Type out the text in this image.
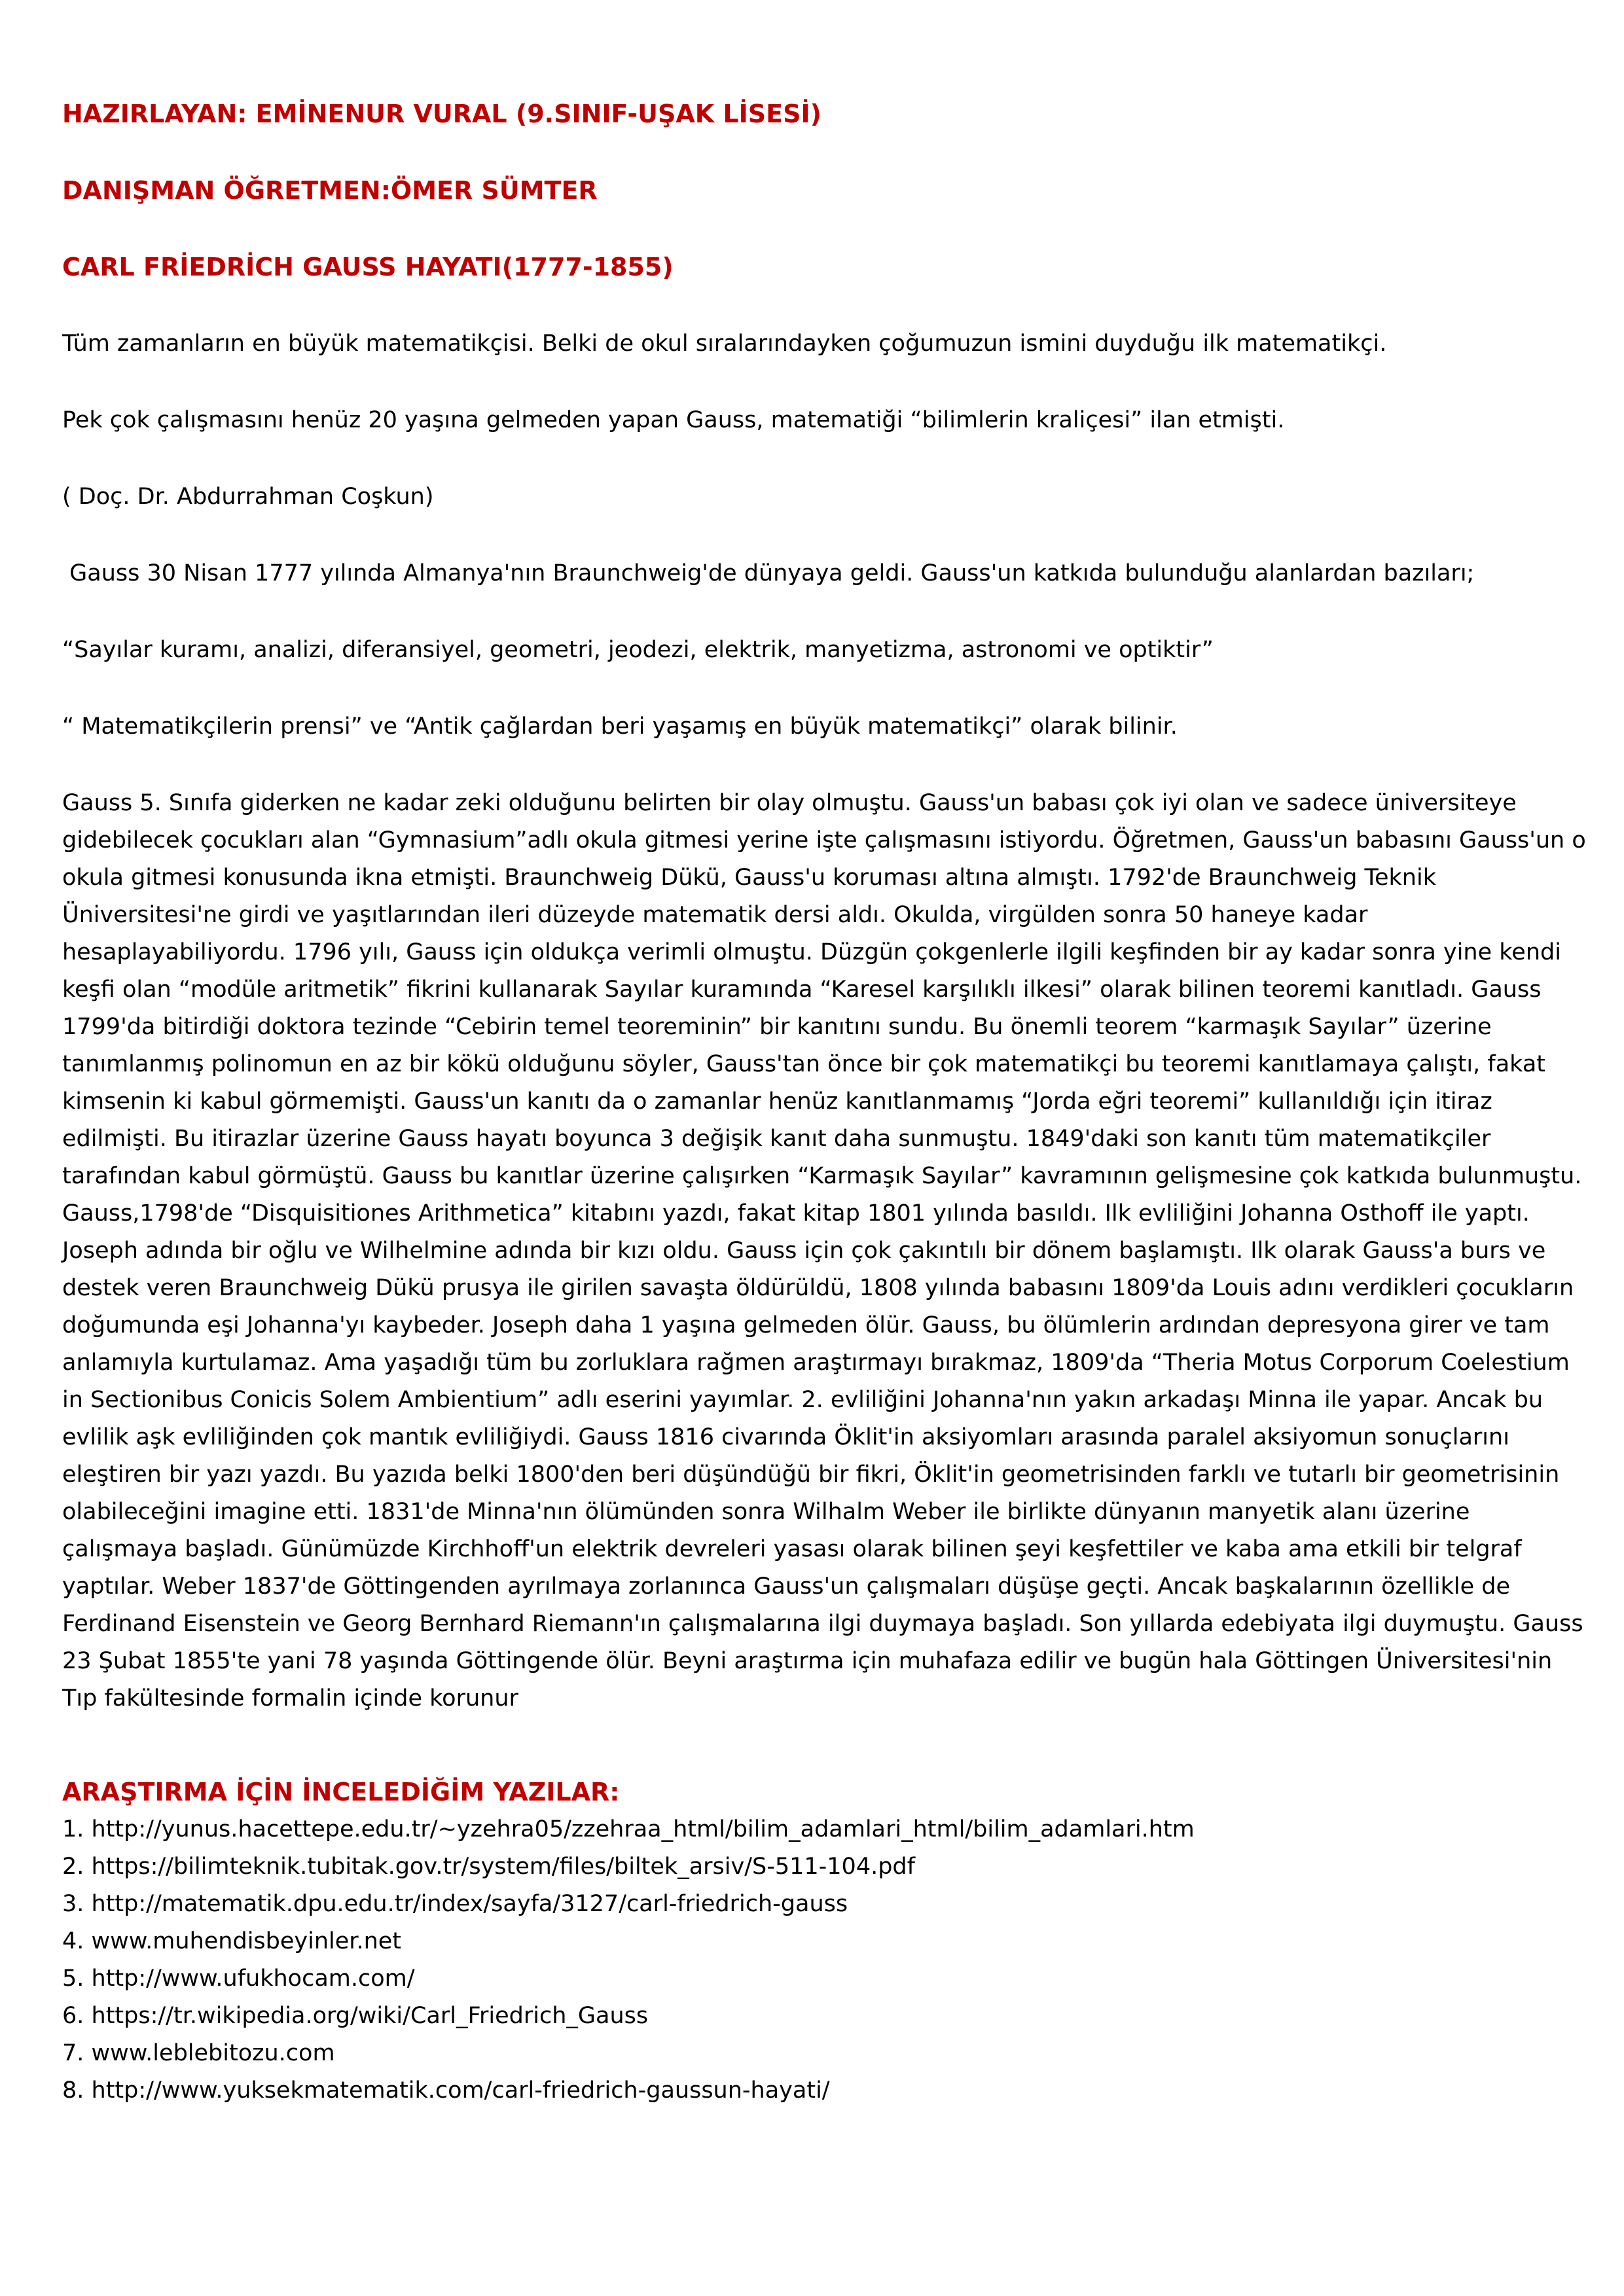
HAZIRLAYAN: EMİNENUR VURAL (9.SINIF-UŞAK LİSESİ)
DANIŞMAN ÖĞRETMEN:ÖMER SÜMTER
CARL FRİEDRİCH GAUSS HAYATI(1777-1855)

Tüm zamanların en büyük matematikçisi. Belki de okul sıralarındayken çoğumuzun ismini duyduğu ilk matematikçi.

Pek çok çalışmasını henüz 20 yaşına gelmeden yapan Gauss, matematiği “bilimlerin kraliçesi” ilan etmişti.

( Doç. Dr. Abdurrahman Coşkun)

Gauss 30 Nisan 1777 yılında Almanya'nın Braunchweig'de dünyaya geldi. Gauss'un katkıda bulunduğu alanlardan bazıları;

“Sayılar kuramı, analizi, diferansiyel, geometri, jeodezi, elektrik, manyetizma, astronomi ve optiktir”

“ Matematikçilerin prensi” ve “Antik çağlardan beri yaşamış en büyük matematikçi” olarak bilinir.

Gauss 5. Sınıfa giderken ne kadar zeki olduğunu belirten bir olay olmuştu. Gauss'un babası çok iyi olan ve sadece üniversiteye gidebilecek çocukları alan “Gymnasium”adlı okula gitmesi yerine işte çalışmasını istiyordu. Öğretmen, Gauss'un babasını Gauss'un o okula gitmesi konusunda ikna etmişti. Braunchweig Dükü, Gauss'u koruması altına almıştı. 1792'de Braunchweig Teknik Üniversitesi'ne girdi ve yaşıtlarından ileri düzeyde matematik dersi aldı. Okulda, virgülden sonra 50 haneye kadar hesaplayabiliyordu. 1796 yılı, Gauss için oldukça verimli olmuştu. Düzgün çokgenlerle ilgili keşfinden bir ay kadar sonra yine kendi keşfi olan “modüle aritmetik” fikrini kullanarak Sayılar kuramında “Karesel karşılıklı ilkesi” olarak bilinen teoremi kanıtladı. Gauss 1799'da bitirdiği doktora tezinde “Cebirin temel teoreminin” bir kanıtını sundu. Bu önemli teorem “karmaşık Sayılar” üzerine tanımlanmış polinomun en az bir kökü olduğunu söyler, Gauss'tan önce bir çok matematikçi bu teoremi kanıtlamaya çalıştı, fakat kimsenin ki kabul görmemişti. Gauss'un kanıtı da o zamanlar henüz kanıtlanmamış “Jorda eğri teoremi” kullanıldığı için itiraz edilmişti. Bu itirazlar üzerine Gauss hayatı boyunca 3 değişik kanıt daha sunmuştu. 1849'daki son kanıtı tüm matematikçiler tarafından kabul görmüştü. Gauss bu kanıtlar üzerine çalışırken “Karmaşık Sayılar” kavramının gelişmesine çok katkıda bulunmuştu. Gauss,1798'de “Disquisitiones Arithmetica” kitabını yazdı, fakat kitap 1801 yılında basıldı. Ilk evliliğini Johanna Osthoff ile yaptı. Joseph adında bir oğlu ve Wilhelmine adında bir kızı oldu. Gauss için çok çakıntılı bir dönem başlamıştı. Ilk olarak Gauss'a burs ve destek veren Braunchweig Dükü prusya ile girilen savaşta öldürüldü, 1808 yılında babasını 1809'da Louis adını verdikleri çocukların doğumunda eşi Johanna'yı kaybeder. Joseph daha 1 yaşına gelmeden ölür. Gauss, bu ölümlerin ardından depresyona girer ve tam anlamıyla kurtulamaz. Ama yaşadığı tüm bu zorluklara rağmen araştırmayı bırakmaz, 1809'da “Theria Motus Corporum Coelestium in Sectionibus Conicis Solem Ambientium” adlı eserini yayımlar. 2. evliliğini Johanna'nın yakın arkadaşı Minna ile yapar. Ancak bu evlilik aşk evliliğinden çok mantık evliliğiydi. Gauss 1816 civarında Öklit'in aksiyomları arasında paralel aksiyomun sonuçlarını eleştiren bir yazı yazdı. Bu yazıda belki 1800'den beri düşündüğü bir fikri, Öklit'in geometrisinden farklı ve tutarlı bir geometrisinin olabileceğini imagine etti. 1831'de Minna'nın ölümünden sonra Wilhalm Weber ile birlikte dünyanın manyetik alanı üzerine çalışmaya başladı. Günümüzde Kirchhoff'un elektrik devreleri yasası olarak bilinen şeyi keşfettiler ve kaba ama etkili bir telgraf yaptılar. Weber 1837'de Göttingenden ayrılmaya zorlanınca Gauss'un çalışmaları düşüşe geçti. Ancak başkalarının özellikle de Ferdinand Eisenstein ve Georg Bernhard Riemann'ın çalışmalarına ilgi duymaya başladı. Son yıllarda edebiyata ilgi duymuştu. Gauss 23 Şubat 1855'te yani 78 yaşında Göttingende ölür. Beyni araştırma için muhafaza edilir ve bugün hala Göttingen Üniversitesi'nin Tıp fakültesinde formalin içinde korunur

ARAŞTIRMA İÇİN İNCELEDİĞİM YAZILAR:
1. http://yunus.hacettepe.edu.tr/~yzehra05/zzehraa_html/bilim_adamlari_html/bilim_adamlari.htm
2. https://bilimteknik.tubitak.gov.tr/system/files/biltek_arsiv/S-511-104.pdf
3. http://matematik.dpu.edu.tr/index/sayfa/3127/carl-friedrich-gauss
4. www.muhendisbeyinler.net
5. http://www.ufukhocam.com/
6. https://tr.wikipedia.org/wiki/Carl_Friedrich_Gauss
7. www.leblebitozu.com
8. http://www.yuksekmatematik.com/carl-friedrich-gaussun-hayati/
